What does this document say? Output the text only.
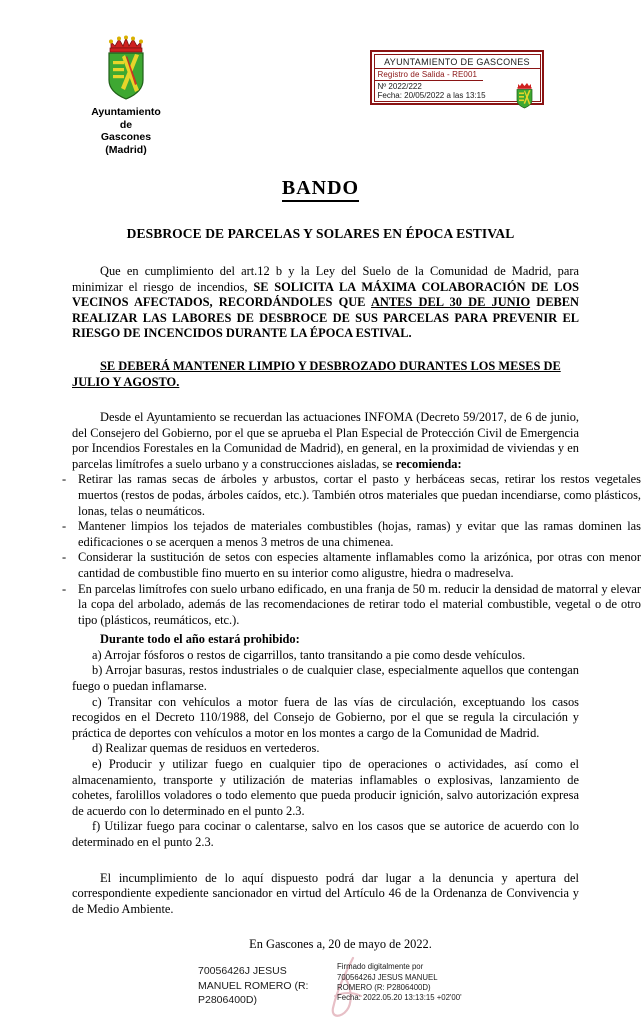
Ayuntamiento
de
Gascones
(Madrid)
AYUNTAMIENTO DE GASCONES
Registro de Salida - RE001
Nº 2022/222
Fecha: 20/05/2022 a las 13:15
BANDO
DESBROCE DE PARCELAS Y SOLARES EN ÉPOCA ESTIVAL

Que en cumplimiento del art.12 b y la Ley del Suelo de la Comunidad de Madrid, para minimizar el riesgo de incendios, SE SOLICITA LA MÁXIMA COLABORACIÓN DE LOS VECINOS AFECTADOS, RECORDÁNDOLES QUE ANTES DEL 30 DE JUNIO DEBEN REALIZAR LAS LABORES DE DESBROCE DE SUS PARCELAS PARA PREVENIR EL RIESGO DE INCENCIDOS DURANTE LA ÉPOCA ESTIVAL.

SE DEBERÁ MANTENER LIMPIO Y DESBROZADO DURANTES LOS MESES DE JULIO Y AGOSTO.

Desde el Ayuntamiento se recuerdan las actuaciones INFOMA (Decreto 59/2017, de 6 de junio, del Consejero del Gobierno, por el que se aprueba el Plan Especial de Protección Civil de Emergencia por Incendios Forestales en la Comunidad de Madrid), en general, en la proximidad de viviendas y en parcelas limítrofes a suelo urbano y a construcciones aisladas, se recomienda:

- Retirar las ramas secas de árboles y arbustos, cortar el pasto y herbáceas secas, retirar los restos vegetales muertos (restos de podas, árboles caídos, etc.). También otros materiales que puedan incendiarse, como plásticos, lonas, telas o neumáticos.
- Mantener limpios los tejados de materiales combustibles (hojas, ramas) y evitar que las ramas dominen las edificaciones o se acerquen a menos 3 metros de una chimenea.
- Considerar la sustitución de setos con especies altamente inflamables como la arizónica, por otras con menor cantidad de combustible fino muerto en su interior como aligustre, hiedra o madreselva.
- En parcelas limítrofes con suelo urbano edificado, en una franja de 50 m. reducir la densidad de matorral y elevar la copa del arbolado, además de las recomendaciones de retirar todo el material combustible, vegetal o de otro tipo (plásticos, reumáticos, etc.).

Durante todo el año estará prohibido:

a) Arrojar fósforos o restos de cigarrillos, tanto transitando a pie como desde vehículos.

b) Arrojar basuras, restos industriales o de cualquier clase, especialmente aquellos que contengan fuego o puedan inflamarse.

c) Transitar con vehículos a motor fuera de las vías de circulación, exceptuando los casos recogidos en el Decreto 110/1988, del Consejo de Gobierno, por el que se regula la circulación y práctica de deportes con vehículos a motor en los montes a cargo de la Comunidad de Madrid.

d) Realizar quemas de residuos en vertederos.

e) Producir y utilizar fuego en cualquier tipo de operaciones o actividades, así como el almacenamiento, transporte y utilización de materias inflamables o explosivas, lanzamiento de cohetes, farolillos voladores o todo elemento que pueda producir ignición, salvo autorización expresa de acuerdo con lo determinado en el punto 2.3.

f) Utilizar fuego para cocinar o calentarse, salvo en los casos que se autorice de acuerdo con lo determinado en el punto 2.3.

El incumplimiento de lo aquí dispuesto podrá dar lugar a la denuncia y apertura del correspondiente expediente sancionador en virtud del Artículo 46 de la Ordenanza de Convivencia y de Medio Ambiente.

En Gascones a, 20 de mayo de 2022.

70056426J JESUS
MANUEL ROMERO (R:
P2806400D)
Firmado digitalmente por
70056426J JESUS MANUEL
ROMERO (R: P2806400D)
Fecha: 2022.05.20 13:13:15 +02'00'
